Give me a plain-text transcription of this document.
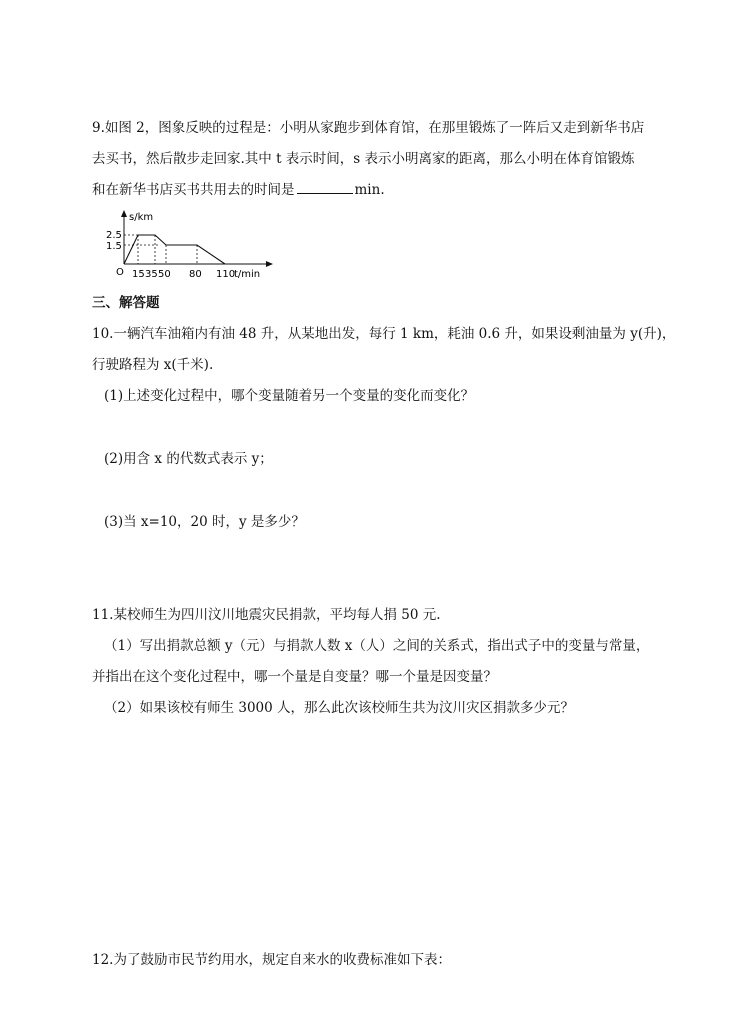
9.如图 2，图象反映的过程是：小明从家跑步到体育馆，在那里锻炼了一阵后又走到新华书店
去买书，然后散步走回家.其中 t 表示时间，s 表示小明离家的距离，那么小明在体育馆锻炼
和在新华书店买书共用去的时间是	min.
s/km
2.5
1.5
O 15 35 50 80 110
t/min
三、解答题
10.一辆汽车油箱内有油 48 升，从某地出发，每行 1 km，耗油 0.6 升，如果设剩油量为 y(升)，
行驶路程为 x(千米).
(1)上述变化过程中，哪个变量随着另一个变量的变化而变化？
(2)用含 x 的代数式表示 y；
(3)当 x=10，20 时，y 是多少？
11.某校师生为四川汶川地震灾民捐款，平均每人捐 50 元.
（1）写出捐款总额 y（元）与捐款人数 x（人）之间的关系式，指出式子中的变量与常量，
并指出在这个变化过程中，哪一个量是自变量？哪一个量是因变量？
（2）如果该校有师生 3000 人，那么此次该校师生共为汶川灾区捐款多少元？
12.为了鼓励市民节约用水，规定自来水的收费标准如下表：
